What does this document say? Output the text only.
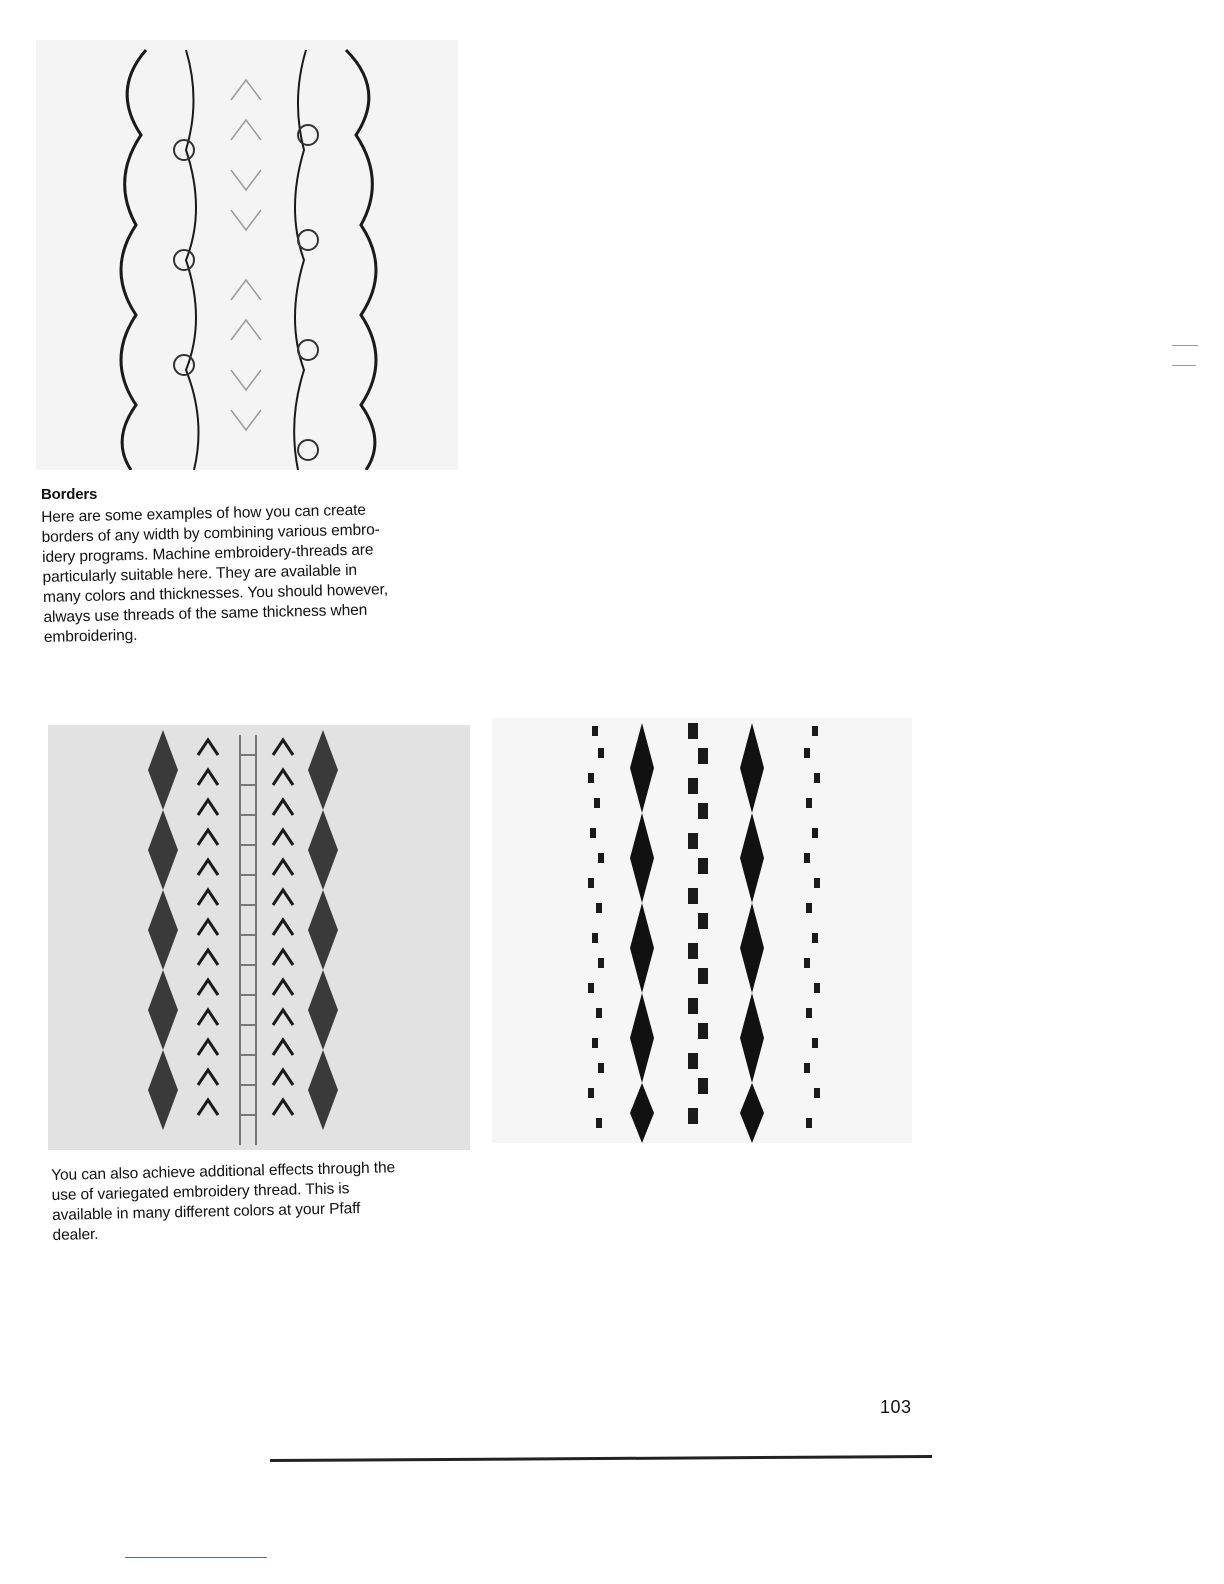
Borders

Here are some examples of how you can create
borders of any width by combining various embro-
idery programs. Machine embroidery-threads are
particularly suitable here. They are available in
many colors and thicknesses. You should however,
always use threads of the same thickness when
embroidering.

You can also achieve additional effects through the
use of variegated embroidery thread. This is
available in many different colors at your Pfaff
dealer.

103
